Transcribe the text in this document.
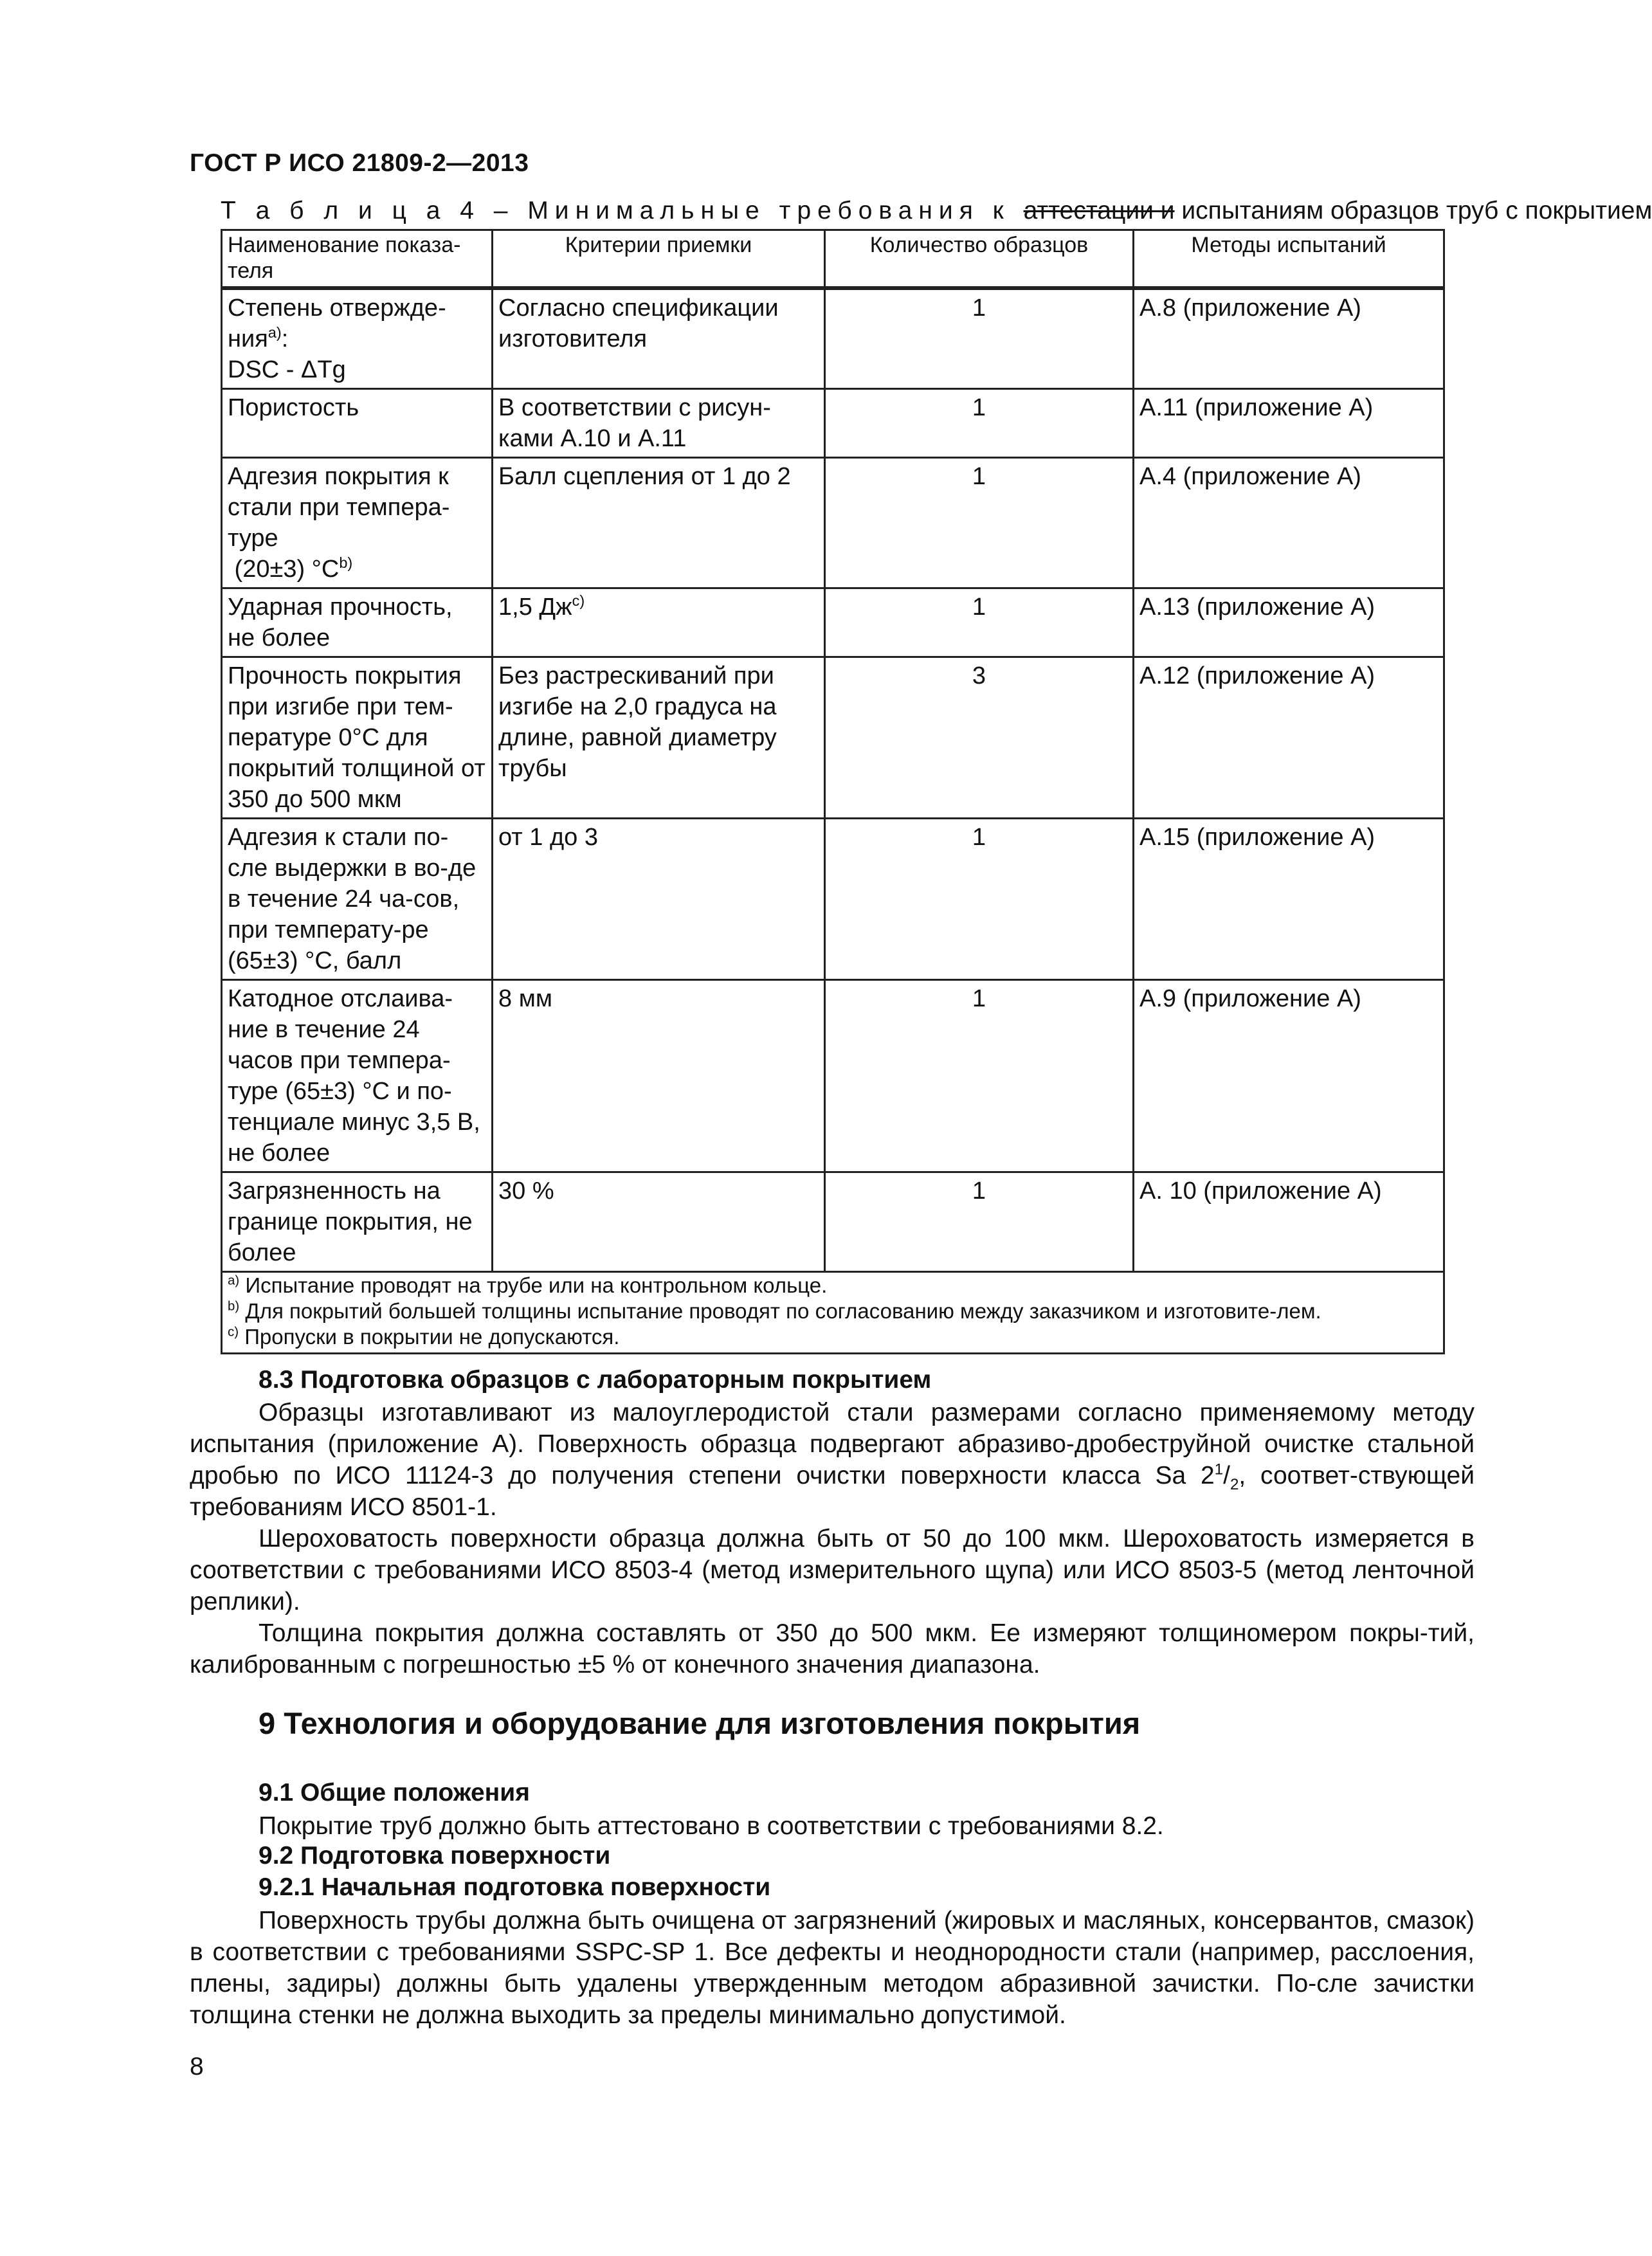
ГОСТ Р ИСО 21809-2—2013
Т а б л и ц а 4 – Минимальные требования к аттестации и испытаниям образцов труб с покрытием
Наименование показа-теля	Критерии приемки	Количество образцов	Методы испытаний
Степень отвержде-ния$^{а)}$:
DSC - ΔTg	Согласно спецификации изготовителя	1	А.8 (приложение А)
Пористость	В соответствии с рисун-ками А.10 и А.11	1	А.11 (приложение А)
Адгезия покрытия к стали при темпера-туре
(20±3) $^\circ С^{b)}$	Балл сцепления от 1 до 2	1	А.4 (приложение А)
Ударная прочность, не более	1,5 $Дж^{c)}$	1	А.13 (приложение А)
Прочность покрытия при изгибе при тем-пературе 0°С для покрытий толщиной от 350 до 500 мкм	Без растрескиваний при изгибе на 2,0 градуса на длине, равной диаметру трубы	3	А.12 (приложение А)
Адгезия к стали по-сле выдержки в во-де в течение 24 ча-сов, при температу-ре (65±3) °С, балл	от 1 до 3	1	А.15 (приложение А)
Катодное отслаива-ние в течение 24 часов при темпера-туре (65±3) °С и по-тенциале минус 3,5 В, не более	8 мм	1	А.9 (приложение А)
Загрязненность на границе покрытия, не более	30 %	1	А. 10 (приложение А)

$^{a)}$ Испытание проводят на трубе или на контрольном кольце.
$^{b)}$ Для покрытий большей толщины испытание проводят по согласованию между заказчиком и изготовите-лем.
$^{c)}$ Пропуски в покрытии не допускаются.			
8.3 Подготовка образцов с лабораторным покрытием

Образцы изготавливают из малоуглеродистой стали размерами согласно применяемому методу испытания (приложение А). Поверхность образца подвергают абразиво-дробеструйной очистке стальной дробью по ИСО 11124-3 до получения степени очистки поверхности класса Sa $2^1/_2$, соответ-ствующей требованиям ИСО 8501-1.

Шероховатость поверхности образца должна быть от 50 до 100 мкм. Шероховатость измеряется в соответствии с требованиями ИСО 8503-4 (метод измерительного щупа) или ИСО 8503-5 (метод ленточной реплики).

Толщина покрытия должна составлять от 350 до 500 мкм. Ее измеряют толщиномером покры-тий, калиброванным с погрешностью ±5 % от конечного значения диапазона.

9 Технология и оборудование для изготовления покрытия
9.1 Общие положения

Покрытие труб должно быть аттестовано в соответствии с требованиями 8.2.

9.2 Подготовка поверхности
9.2.1 Начальная подготовка поверхности

Поверхность трубы должна быть очищена от загрязнений (жировых и масляных, консервантов, смазок) в соответствии с требованиями SSPC-SP 1. Все дефекты и неоднородности стали (например, расслоения, плены, задиры) должны быть удалены утвержденным методом абразивной зачистки. По-сле зачистки толщина стенки не должна выходить за пределы минимально допустимой.

8
